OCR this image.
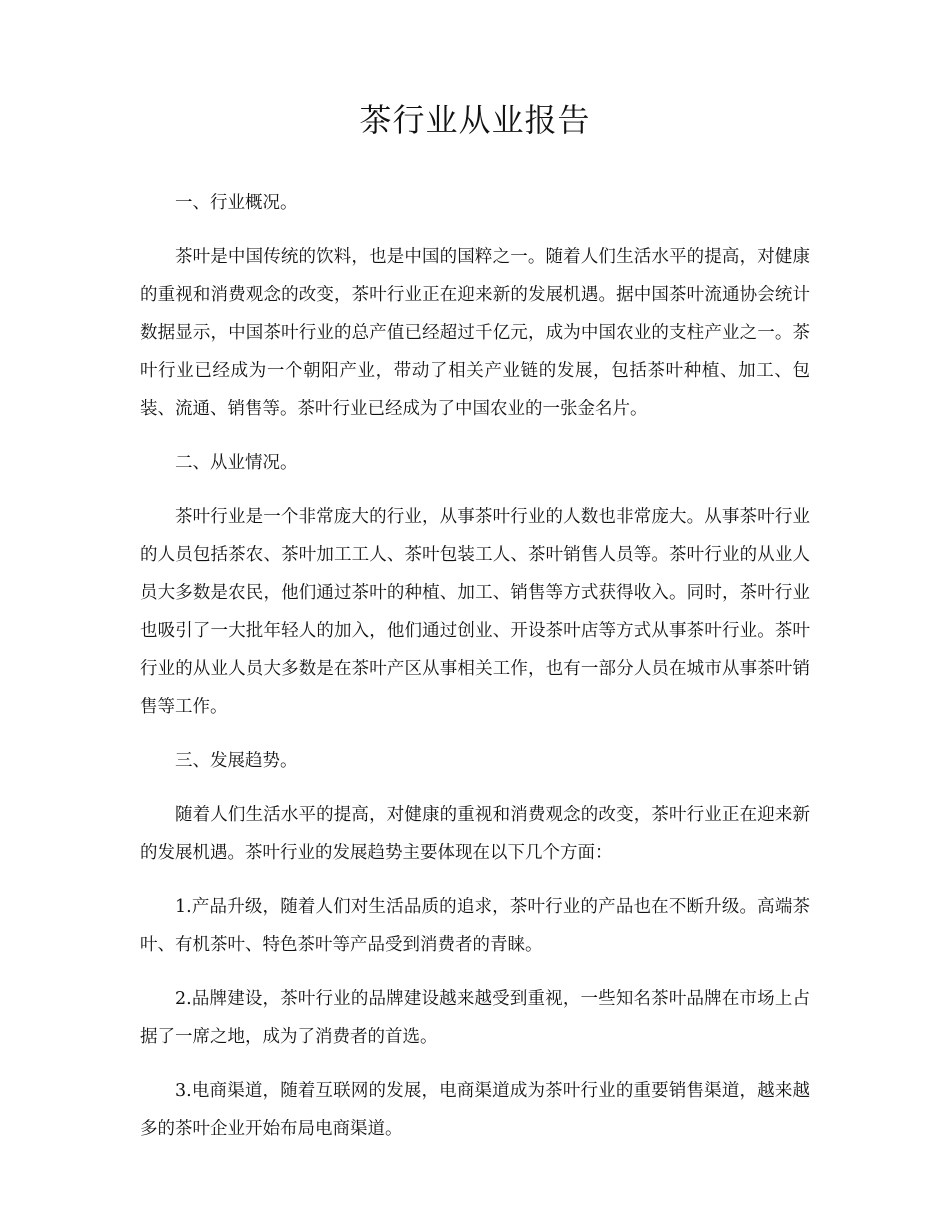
茶行业从业报告

一、行业概况。

茶叶是中国传统的饮料，也是中国的国粹之一。随着人们生活水平的提高，对健康的重视和消费观念的改变，茶叶行业正在迎来新的发展机遇。据中国茶叶流通协会统计数据显示，中国茶叶行业的总产值已经超过千亿元，成为中国农业的支柱产业之一。茶叶行业已经成为一个朝阳产业，带动了相关产业链的发展，包括茶叶种植、加工、包装、流通、销售等。茶叶行业已经成为了中国农业的一张金名片。

二、从业情况。

茶叶行业是一个非常庞大的行业，从事茶叶行业的人数也非常庞大。从事茶叶行业的人员包括茶农、茶叶加工工人、茶叶包装工人、茶叶销售人员等。茶叶行业的从业人员大多数是农民，他们通过茶叶的种植、加工、销售等方式获得收入。同时，茶叶行业也吸引了一大批年轻人的加入，他们通过创业、开设茶叶店等方式从事茶叶行业。茶叶行业的从业人员大多数是在茶叶产区从事相关工作，也有一部分人员在城市从事茶叶销售等工作。

三、发展趋势。

随着人们生活水平的提高，对健康的重视和消费观念的改变，茶叶行业正在迎来新的发展机遇。茶叶行业的发展趋势主要体现在以下几个方面：

1.产品升级，随着人们对生活品质的追求，茶叶行业的产品也在不断升级。高端茶叶、有机茶叶、特色茶叶等产品受到消费者的青睐。

2.品牌建设，茶叶行业的品牌建设越来越受到重视，一些知名茶叶品牌在市场上占据了一席之地，成为了消费者的首选。

3.电商渠道，随着互联网的发展，电商渠道成为茶叶行业的重要销售渠道，越来越多的茶叶企业开始布局电商渠道。
